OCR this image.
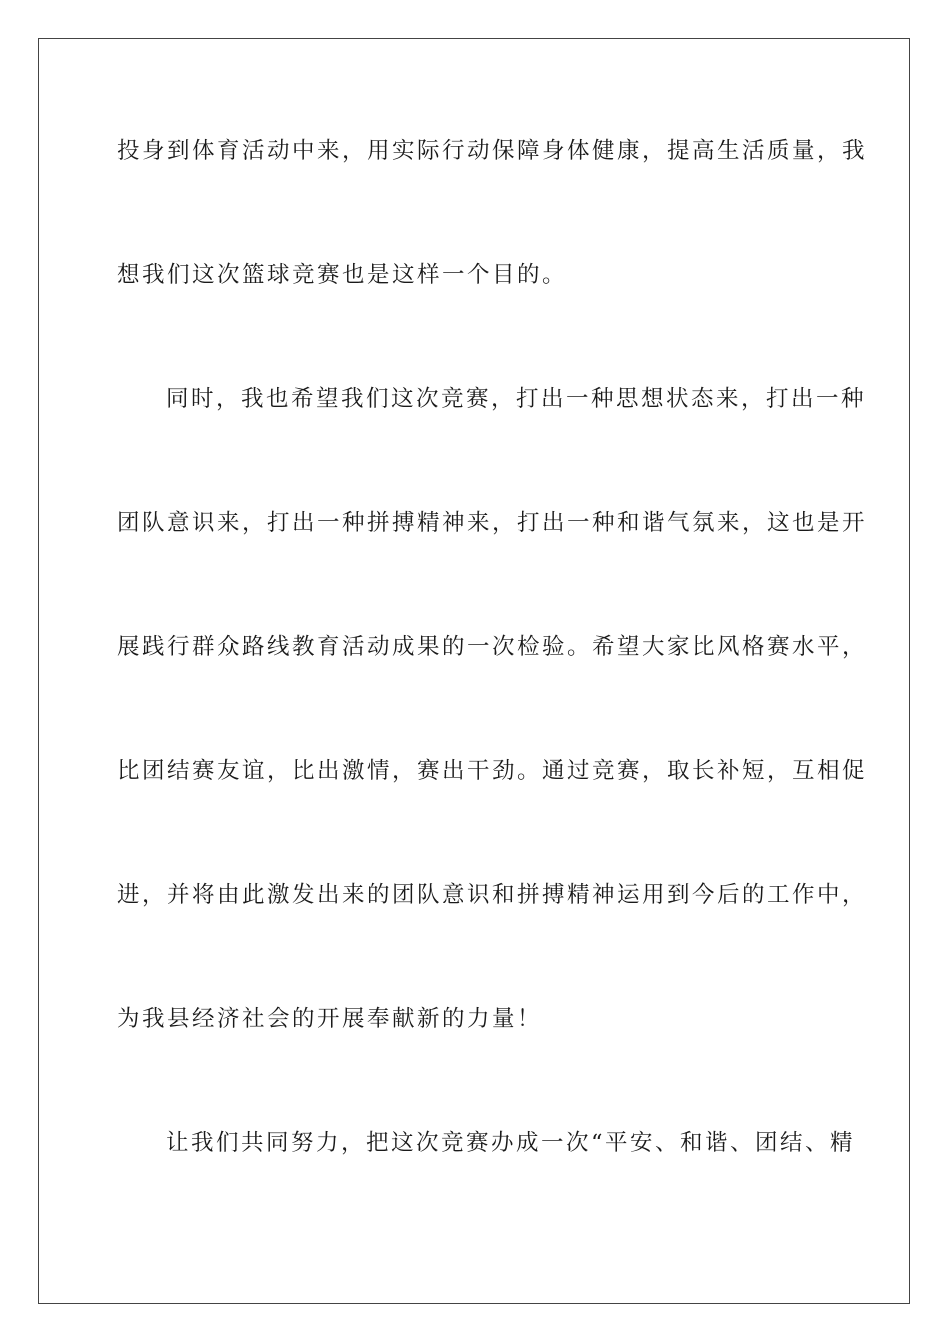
投身到体育活动中来，用实际行动保障身体健康，提高生活质量，我
想我们这次篮球竞赛也是这样一个目的。
同时，我也希望我们这次竞赛，打出一种思想状态来，打出一种
团队意识来，打出一种拼搏精神来，打出一种和谐气氛来，这也是开
展践行群众路线教育活动成果的一次检验。希望大家比风格赛水平，
比团结赛友谊，比出激情，赛出干劲。通过竞赛，取长补短，互相促
进，并将由此激发出来的团队意识和拼搏精神运用到今后的工作中，
为我县经济社会的开展奉献新的力量！
让我们共同努力，把这次竞赛办成一次“平安、和谐、团结、精
